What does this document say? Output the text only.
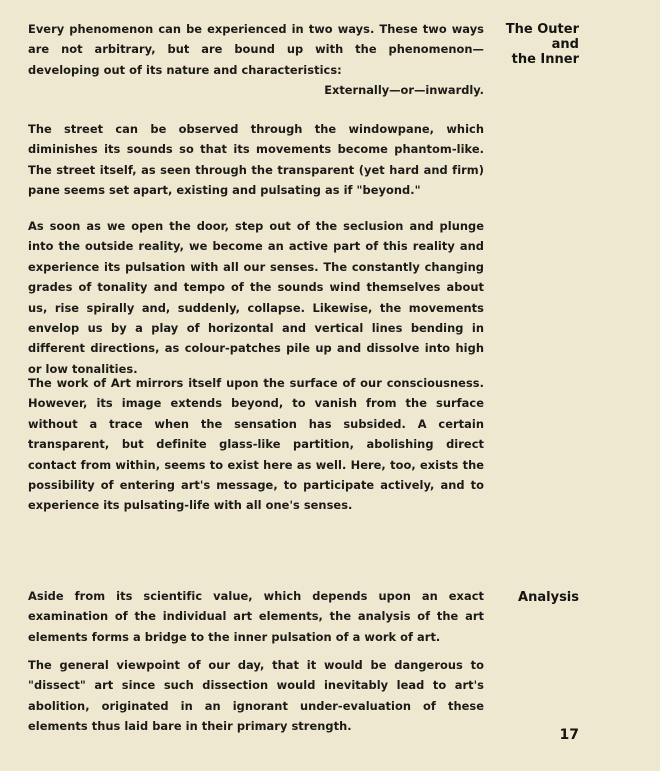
The Outer
and
the Inner

Every phenomenon can be experienced in two ways. These two ways are not arbitrary, but are bound up with the phenomenon—developing out of its nature and characteristics:

Externally—or—inwardly.

The street can be observed through the windowpane, which diminishes its sounds so that its movements become phantom-like. The street itself, as seen through the transparent (yet hard and firm) pane seems set apart, existing and pulsating as if "beyond."

As soon as we open the door, step out of the seclusion and plunge into the outside reality, we become an active part of this reality and experience its pulsation with all our senses. The constantly changing grades of tonality and tempo of the sounds wind themselves about us, rise spirally and, suddenly, collapse. Likewise, the movements envelop us by a play of horizontal and vertical lines bending in different directions, as colour-patches pile up and dissolve into high or low tonalities.

The work of Art mirrors itself upon the surface of our consciousness. However, its image extends beyond, to vanish from the surface without a trace when the sensation has subsided. A certain transparent, but definite glass-like partition, abolishing direct contact from within, seems to exist here as well. Here, too, exists the possibility of entering art's message, to participate actively, and to experience its pulsating-life with all one's senses.

Analysis

Aside from its scientific value, which depends upon an exact examination of the individual art elements, the analysis of the art elements forms a bridge to the inner pulsation of a work of art.

The general viewpoint of our day, that it would be dangerous to "dissect" art since such dissection would inevitably lead to art's abolition, originated in an ignorant under-evaluation of these elements thus laid bare in their primary strength.

17
